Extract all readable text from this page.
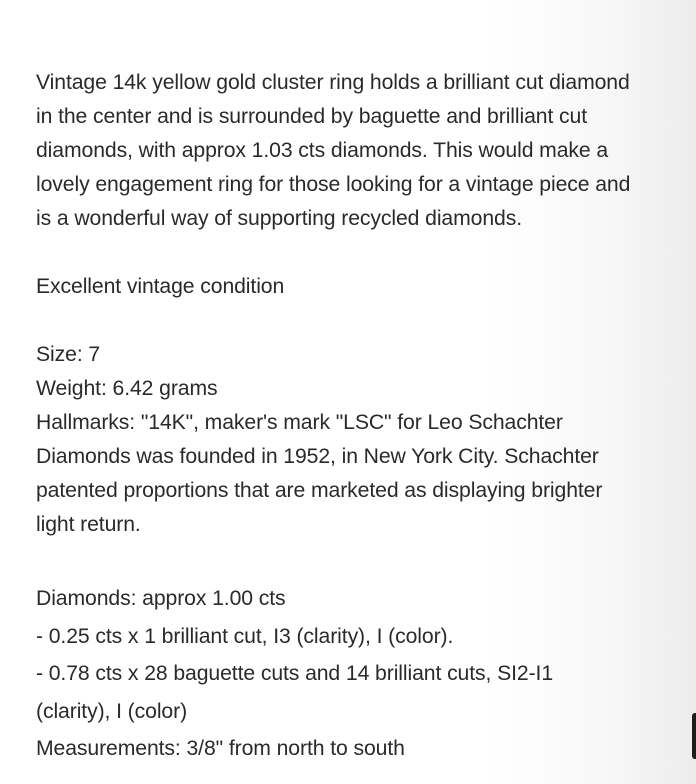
Vintage 14k yellow gold cluster ring holds a brilliant cut diamond

in the center and is surrounded by baguette and brilliant cut

diamonds, with approx 1.03 cts diamonds. This would make a

lovely engagement ring for those looking for a vintage piece and

is a wonderful way of supporting recycled diamonds.

Excellent vintage condition
Size: 7
Weight: 6.42 grams
Hallmarks: "14K", maker's mark "LSC" for Leo Schachter
Diamonds was founded in 1952, in New York City. Schachter
patented proportions that are marketed as displaying brighter
light return.
Diamonds: approx 1.00 cts
- 0.25 cts x 1 brilliant cut, I3 (clarity), I (color).
- 0.78 cts x 28 baguette cuts and 14 brilliant cuts, SI2-I1
(clarity), I (color)
Measurements: 3/8" from north to south
